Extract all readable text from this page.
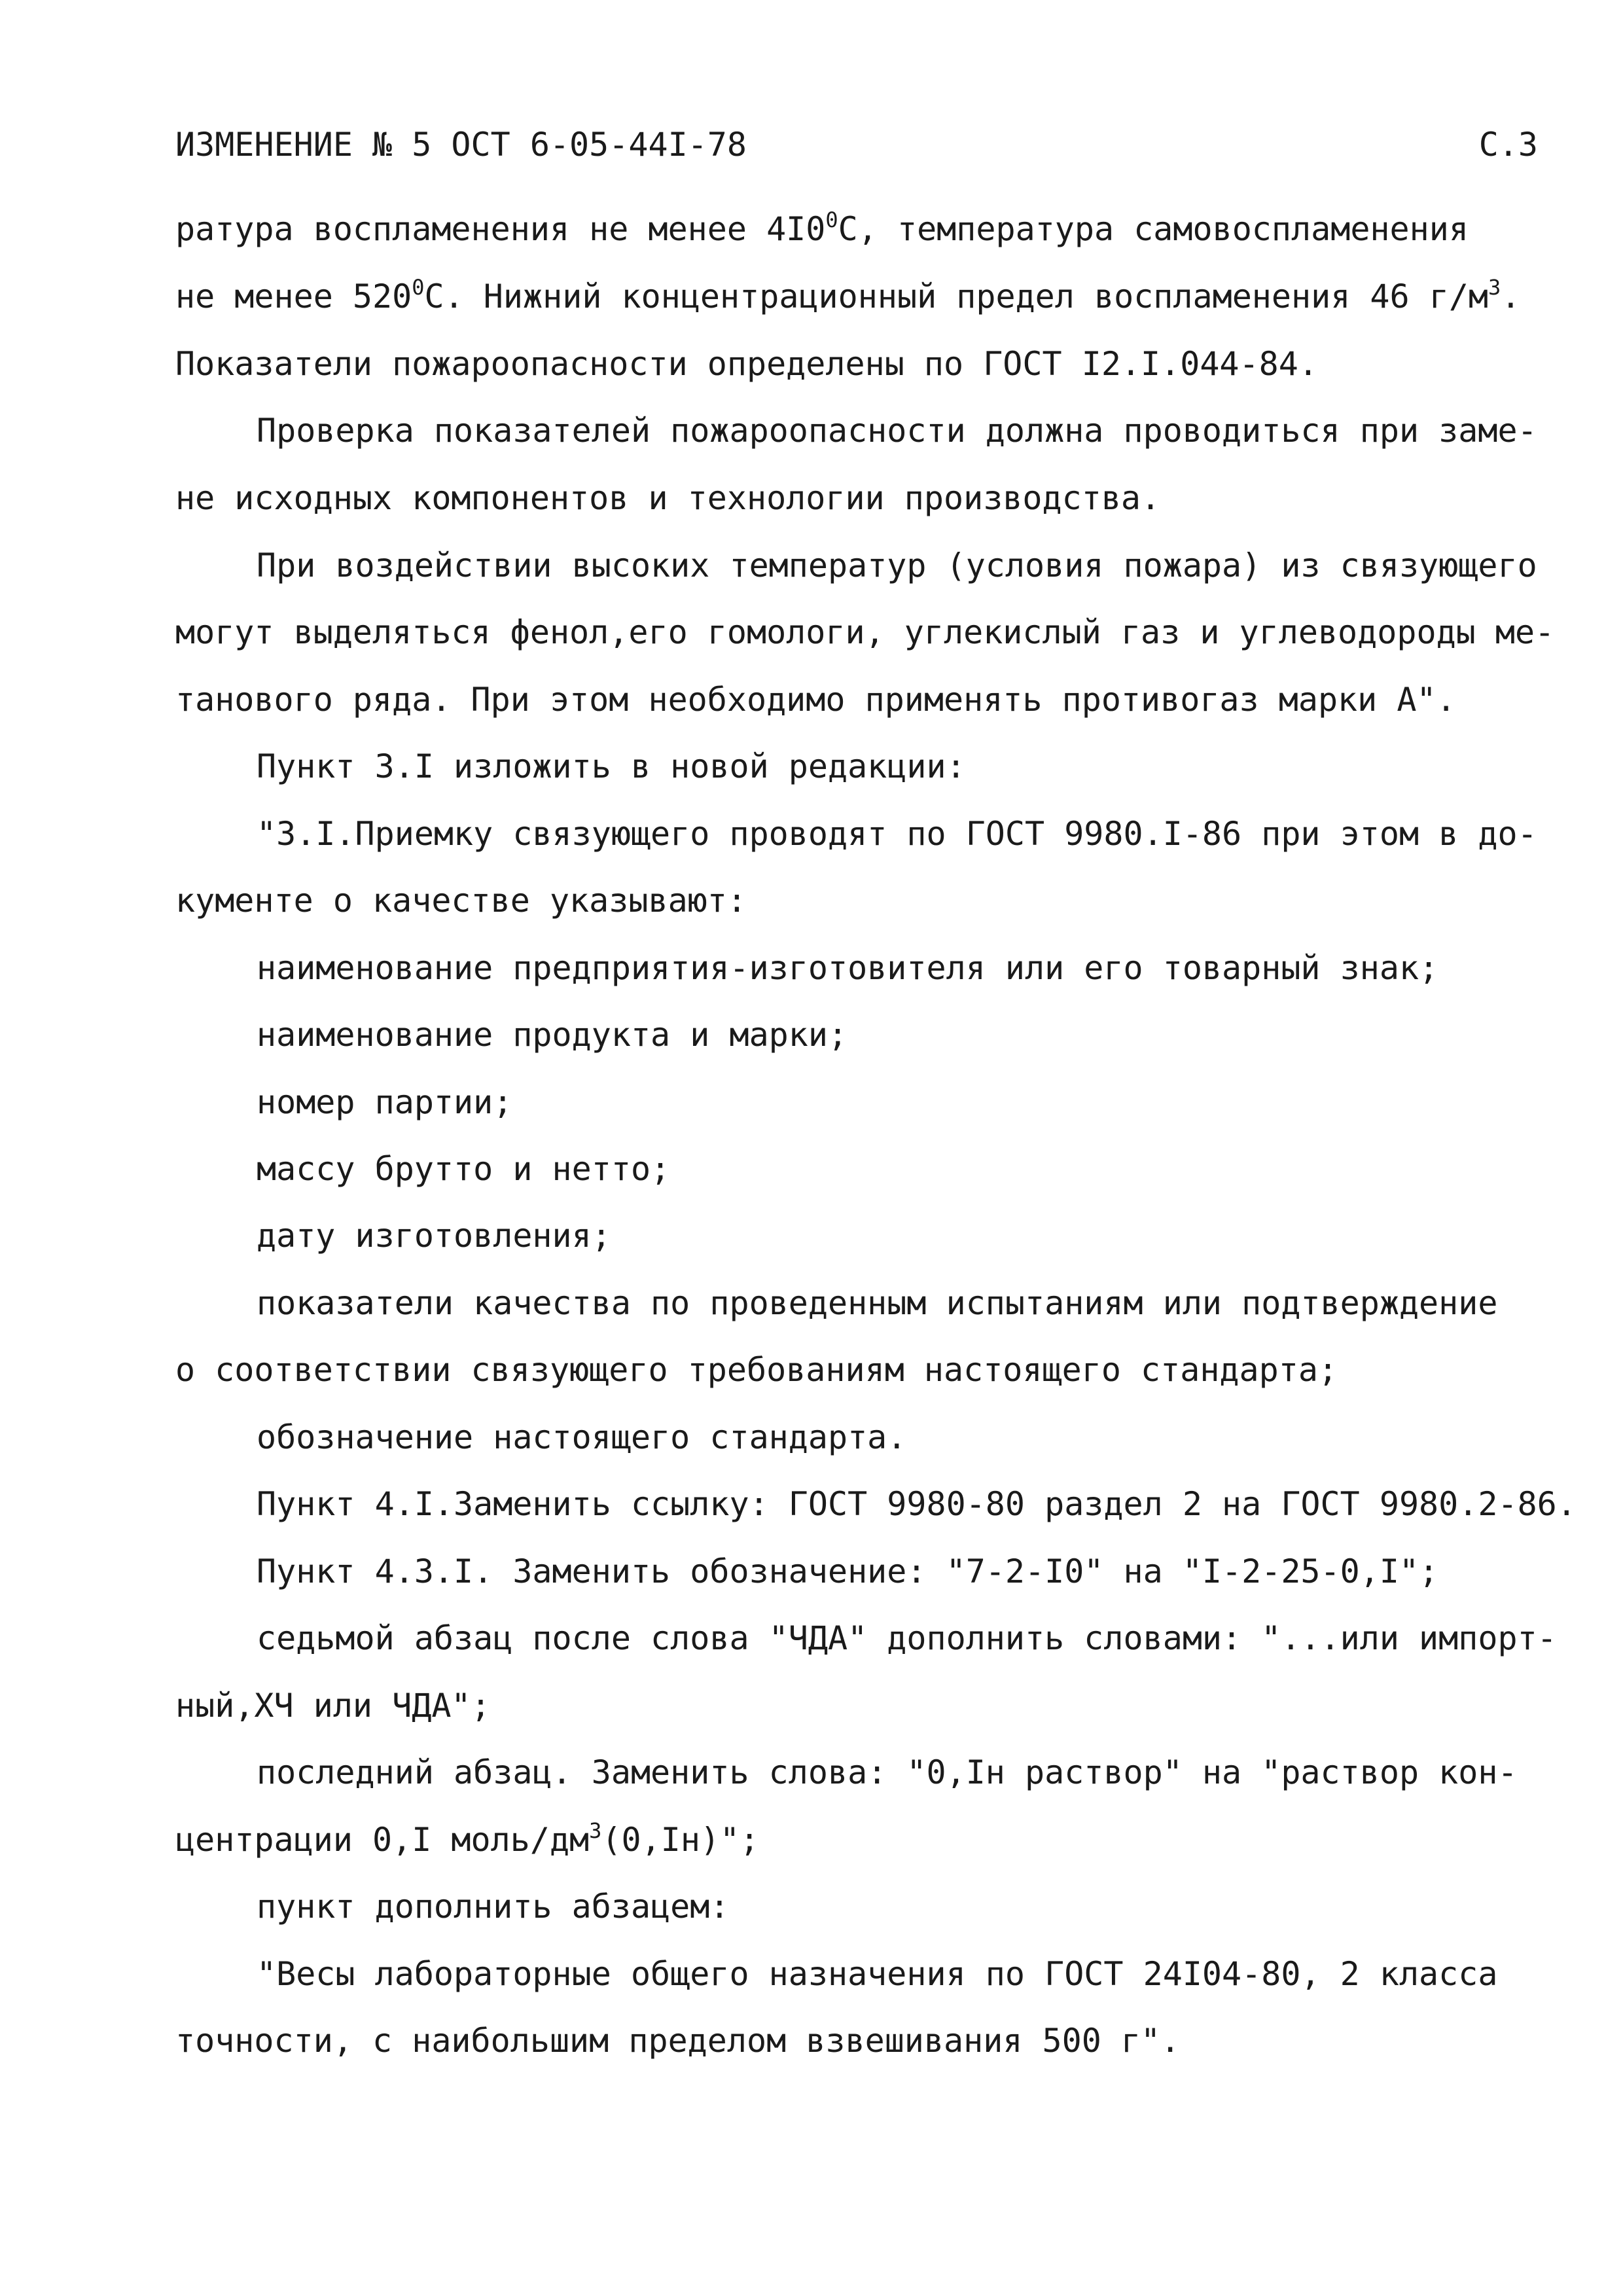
ИЗМЕНЕНИЕ № 5 ОСТ 6-05-44I-78	С.3
ратура воспламенения не менее $4I0^0C$, температура самовоспламенения
не менее $520^0C$. Нижний концентрационный предел воспламенения 46 $г/м^3$.
Показатели пожароопасности определены по ГОСТ I2.I.044-84.
Проверка показателей пожароопасности должна проводиться при заме-
не исходных компонентов и технологии производства.
При воздействии высоких температур (условия пожара) из связующего
могут выделяться фенол,его гомологи, углекислый газ и углеводороды ме-
танового ряда. При этом необходимо применять противогаз марки А".
Пункт 3.I изложить в новой редакции:
"3.I.Приемку связующего проводят по ГОСТ 9980.I-86 при этом в до-
кументе о качестве указывают:
наименование предприятия-изготовителя или его товарный знак;
наименование продукта и марки;
номер партии;
массу брутто и нетто;
дату изготовления;
показатели качества по проведенным испытаниям или подтверждение
о соответствии связующего требованиям настоящего стандарта;
обозначение настоящего стандарта.
Пункт 4.I.Заменить ссылку: ГОСТ 9980-80 раздел 2 на ГОСТ 9980.2-86.
Пункт 4.3.I. Заменить обозначение: "7-2-I0" на "I-2-25-0,I";
седьмой абзац после слова "ЧДА" дополнить словами: "...или импорт-
ный,ХЧ или ЧДА";
последний абзац. Заменить слова: "0,Iн раствор" на "раствор кон-
центрации 0,I моль/$дм^3(0,Iн)$";
пункт дополнить абзацем:
"Весы лабораторные общего назначения по ГОСТ 24I04-80, 2 класса
точности, с наибольшим пределом взвешивания 500 г".
